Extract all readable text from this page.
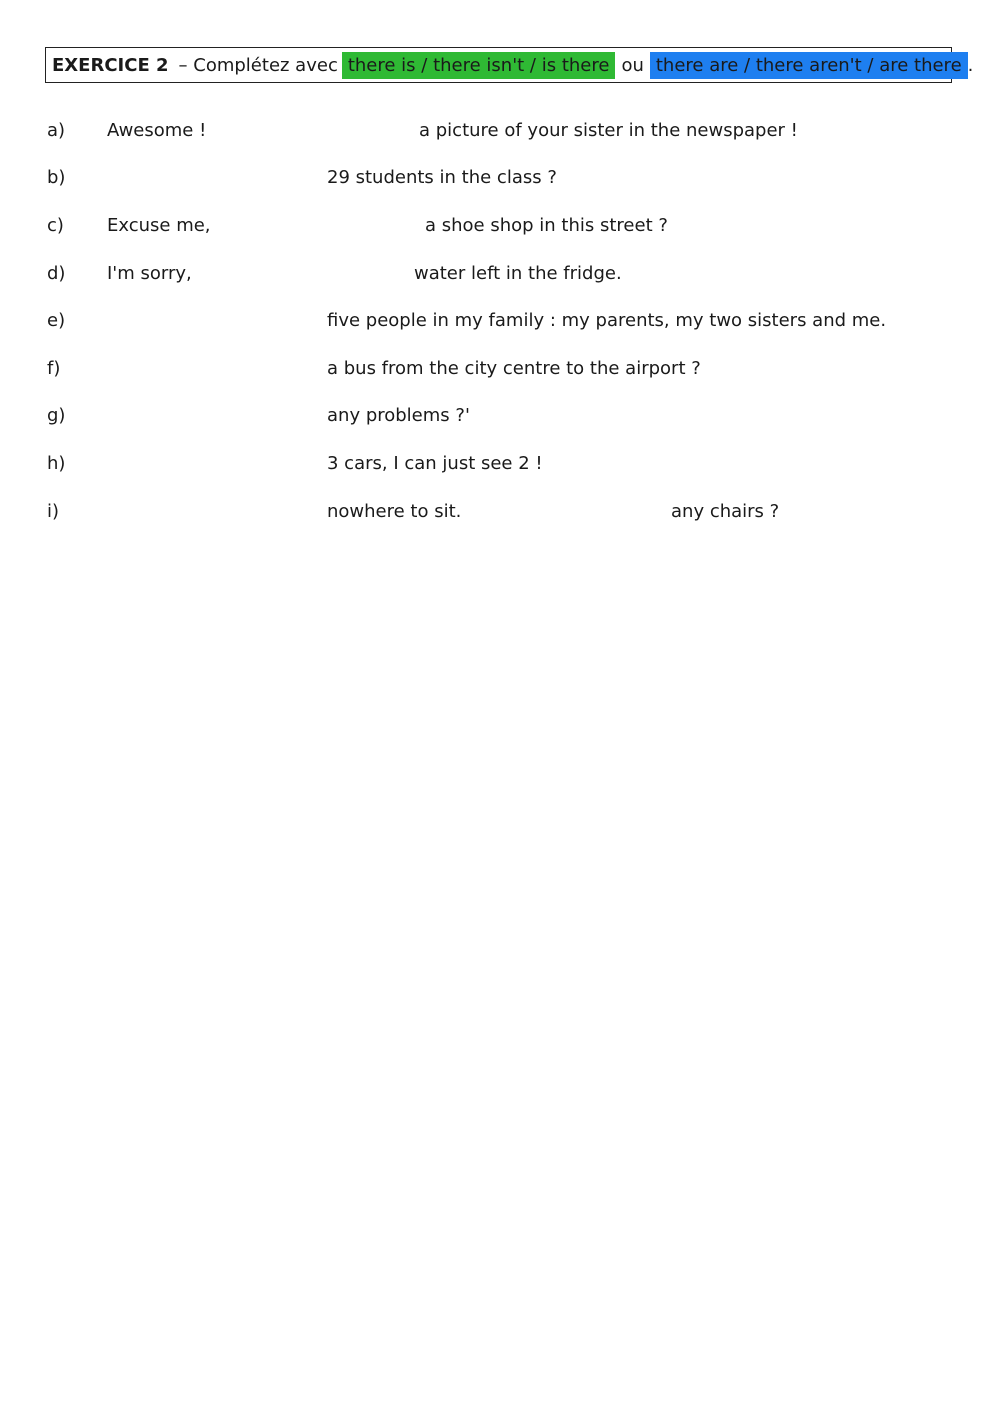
EXERCICE 2 – Complétez avec there is / there isn't / is there ou there are / there aren't / are there .
a) Awesome !	a picture of your sister in the newspaper !
b)	29 students in the class ?
c) Excuse me,	a shoe shop in this street ?
d) I'm sorry,	water left in the fridge.
e)	five people in my family : my parents, my two sisters and me.
f)	a bus from the city centre to the airport ?
g)	any problems ?'
h)	3 cars, I can just see 2 !
i)	nowhere to sit.	any chairs ?
